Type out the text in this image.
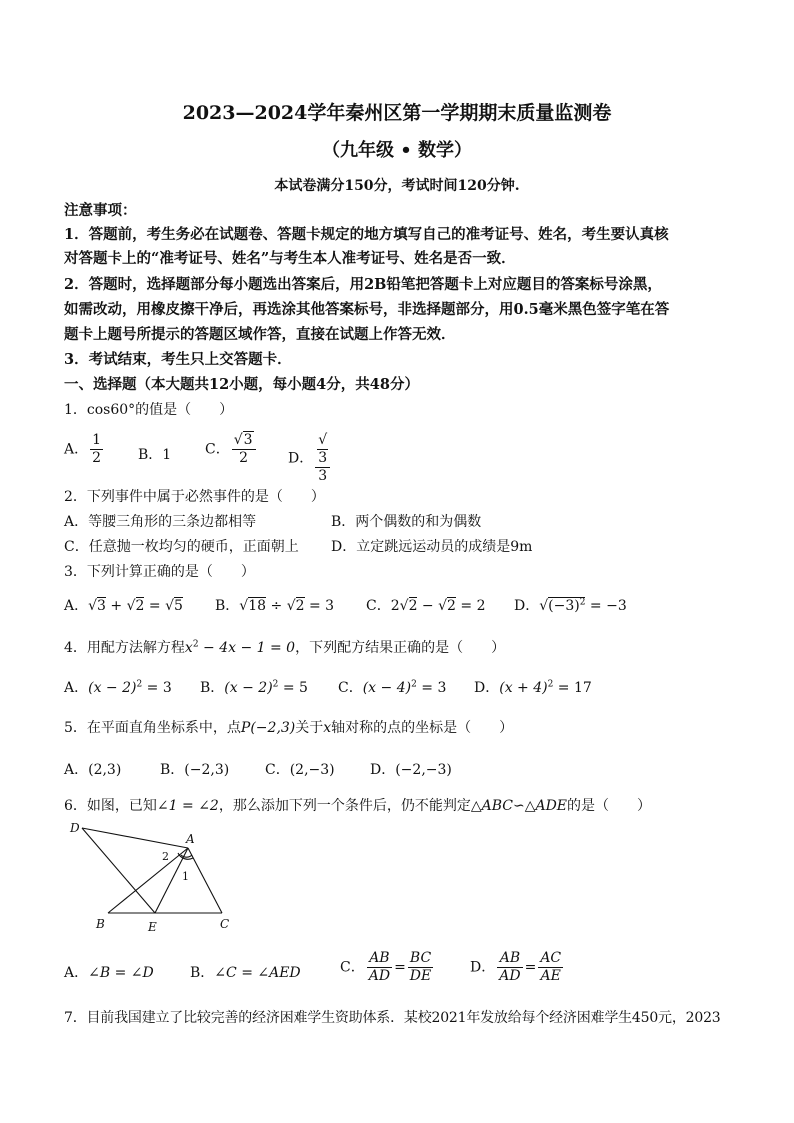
2023—2024学年秦州区第一学期期末质量监测卷
（九年级 • 数学）
本试卷满分150分，考试时间120分钟.
注意事项：
1．答题前，考生务必在试题卷、答题卡规定的地方填写自己的准考证号、姓名，考生要认真核
对答题卡上的“准考证号、姓名”与考生本人准考证号、姓名是否一致．
2．答题时，选择题部分每小题选出答案后，用2B铅笔把答题卡上对应题目的答案标号涂黑，
如需改动，用橡皮擦干净后，再选涂其他答案标号，非选择题部分，用0.5毫米黑色签字笔在答
题卡上题号所提示的答题区域作答，直接在试题上作答无效．
3．考试结束，考生只上交答题卡．
一、选择题（本大题共12小题，每小题4分，共48分）
1．cos60°的值是（　　）
A． $\frac{1}{2}$ B．1 C． $\frac{√3}{2}$ D． √
3
3
2．下列事件中属于必然事件的是（　　）
A．等腰三角形的三条边都相等	B．两个偶数的和为偶数
C．任意抛一枚均匀的硬币，正面朝上 D．立定跳远运动员的成绩是9m
3．下列计算正确的是（　　）
A．√3 + √2 = √5 B．√18 ÷ √2 = 3 C．2√2 − √2 = 2 D．$√(-3)^2 = -3$
4．用配方法解方程$x^2 - 4x - 1 = 0$，下列配方结果正确的是（　　）
A．$(x - 2)^2 = 3$ B．$(x - 2)^2 = 5$ C．$(x - 4)^2 = 3$ D．$(x + 4)^2 = 17$
5．在平面直角坐标系中，点P(−2,3)关于x轴对称的点的坐标是（　　）
A．(2,3)	B．(−2,3)	C．(2,−3)	D．(−2,−3)
6．如图，已知∠1 = ∠2，那么添加下列一个条件后，仍不能判定△ABC∽△ADE的是（　　）
D
A
B	E	C
1
2
A．∠B = ∠D	B．∠C = ∠AED	C． $\frac{AB}{AD} = \frac{BC}{DE}$	D． $\frac{AB}{AD} = \frac{AC}{AE}$
7．目前我国建立了比较完善的经济困难学生资助体系．某校2021年发放给每个经济困难学生450元，2023
